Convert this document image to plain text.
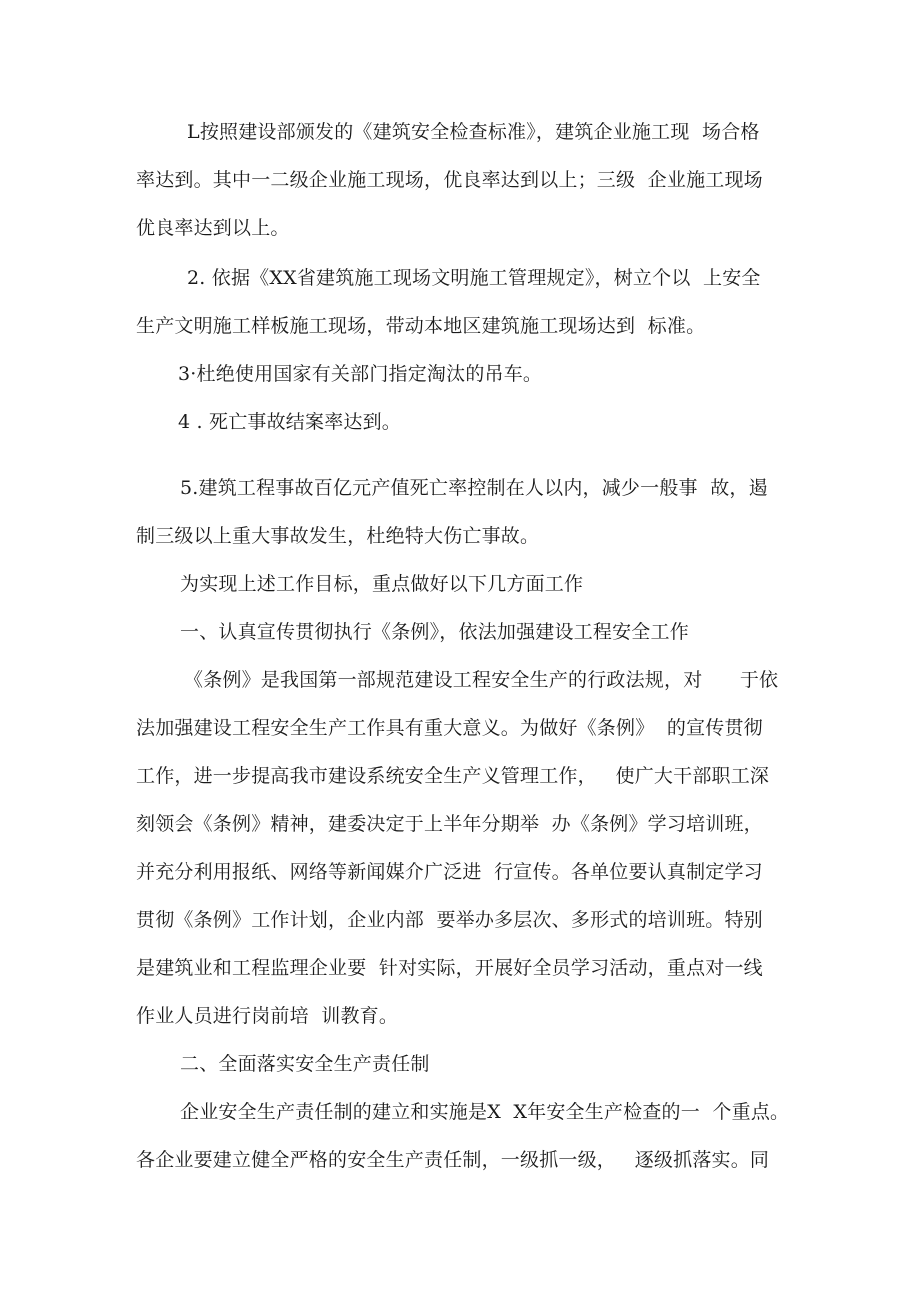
L按照建设部颁发的《建筑安全检查标准》，建筑企业施工现  场合格
率达到。其中一二级企业施工现场，优良率达到以上；三级  企业施工现场
优良率达到以上。
2. 依据《XX省建筑施工现场文明施工管理规定》，树立个以  上安全
生产文明施工样板施工现场，带动本地区建筑施工现场达到  标准。
3·杜绝使用国家有关部门指定淘汰的吊车。
4 . 死亡事故结案率达到。
5.建筑工程事故百亿元产值死亡率控制在人以内，减少一般事  故，遏
制三级以上重大事故发生，杜绝特大伤亡事故。
为实现上述工作目标，重点做好以下几方面工作
一、认真宣传贯彻执行《条例》，依法加强建设工程安全工作
《条例》是我国第一部规范建设工程安全生产的行政法规，对      于依
法加强建设工程安全生产工作具有重大意义。为做好《条例》  的宣传贯彻
工作，进一步提高我市建设系统安全生产义管理工作，   使广大干部职工深
刻领会《条例》精神，建委决定于上半年分期举  办《条例》学习培训班，
并充分利用报纸、网络等新闻媒介广泛进  行宣传。各单位要认真制定学习
贯彻《条例》工作计划，企业内部  要举办多层次、多形式的培训班。特别
是建筑业和工程监理企业要  针对实际，开展好全员学习活动，重点对一线
作业人员进行岗前培  训教育。
二、全面落实安全生产责任制
企业安全生产责任制的建立和实施是X  X年安全生产检查的一  个重点。
各企业要建立健全严格的安全生产责任制，一级抓一级，   逐级抓落实。同
